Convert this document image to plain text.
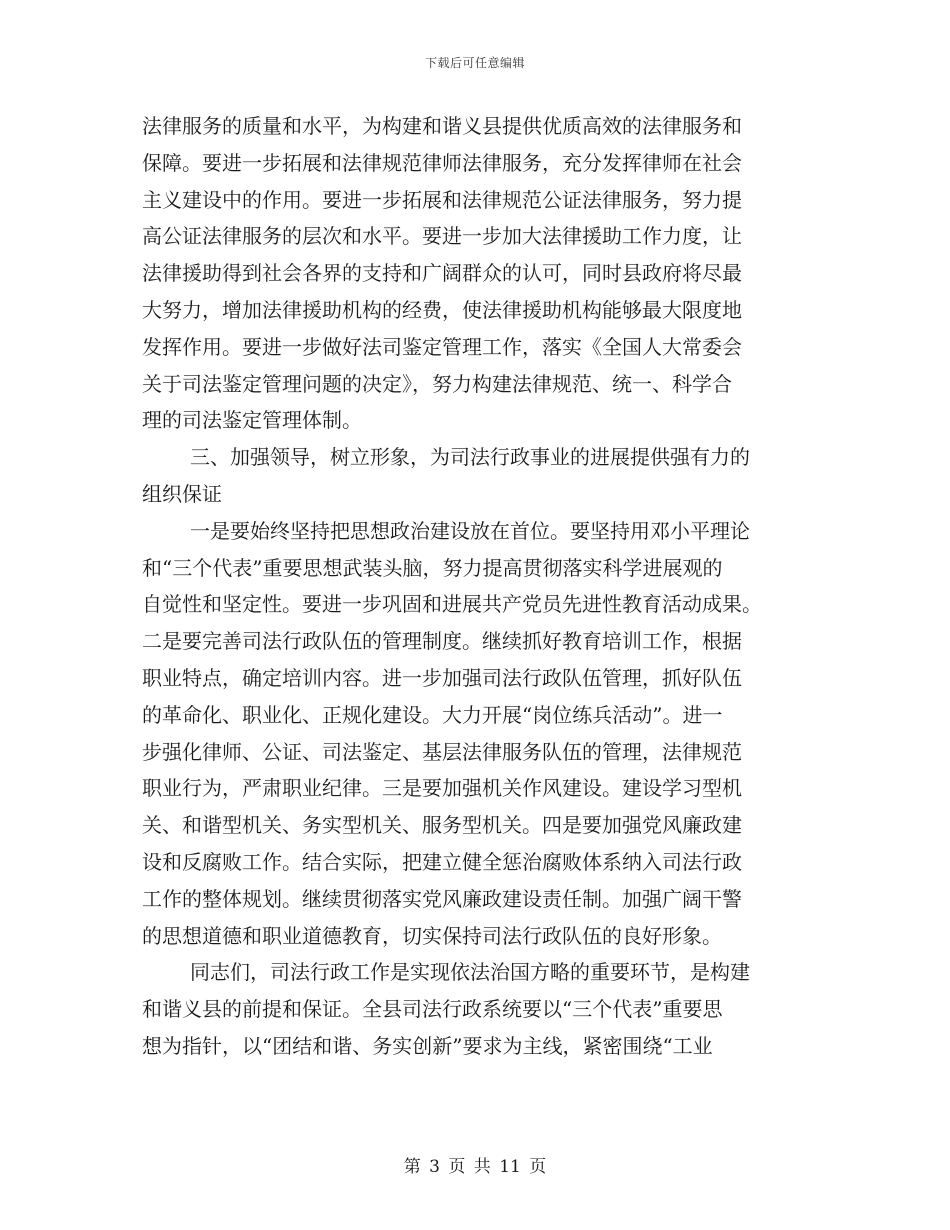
下载后可任意编辑
法律服务的质量和水平，为构建和谐义县提供优质高效的法律服务和
保障。要进一步拓展和法律规范律师法律服务，充分发挥律师在社会
主义建设中的作用。要进一步拓展和法律规范公证法律服务，努力提
高公证法律服务的层次和水平。要进一步加大法律援助工作力度，让
法律援助得到社会各界的支持和广阔群众的认可，同时县政府将尽最
大努力，增加法律援助机构的经费，使法律援助机构能够最大限度地
发挥作用。要进一步做好法司鉴定管理工作，落实《全国人大常委会
关于司法鉴定管理问题的决定》，努力构建法律规范、统一、科学合
理的司法鉴定管理体制。
三、加强领导，树立形象，为司法行政事业的进展提供强有力的
组织保证
一是要始终坚持把思想政治建设放在首位。要坚持用邓小平理论
和“三个代表”重要思想武装头脑，努力提高贯彻落实科学进展观的
自觉性和坚定性。要进一步巩固和进展共产党员先进性教育活动成果。
二是要完善司法行政队伍的管理制度。继续抓好教育培训工作，根据
职业特点，确定培训内容。进一步加强司法行政队伍管理，抓好队伍
的革命化、职业化、正规化建设。大力开展“岗位练兵活动”。进一
步强化律师、公证、司法鉴定、基层法律服务队伍的管理，法律规范
职业行为，严肃职业纪律。三是要加强机关作风建设。建设学习型机
关、和谐型机关、务实型机关、服务型机关。四是要加强党风廉政建
设和反腐败工作。结合实际，把建立健全惩治腐败体系纳入司法行政
工作的整体规划。继续贯彻落实党风廉政建设责任制。加强广阔干警
的思想道德和职业道德教育，切实保持司法行政队伍的良好形象。
同志们，司法行政工作是实现依法治国方略的重要环节，是构建
和谐义县的前提和保证。全县司法行政系统要以“三个代表”重要思
想为指针，以“团结和谐、务实创新”要求为主线，紧密围绕“工业
第 3 页 共 11 页
